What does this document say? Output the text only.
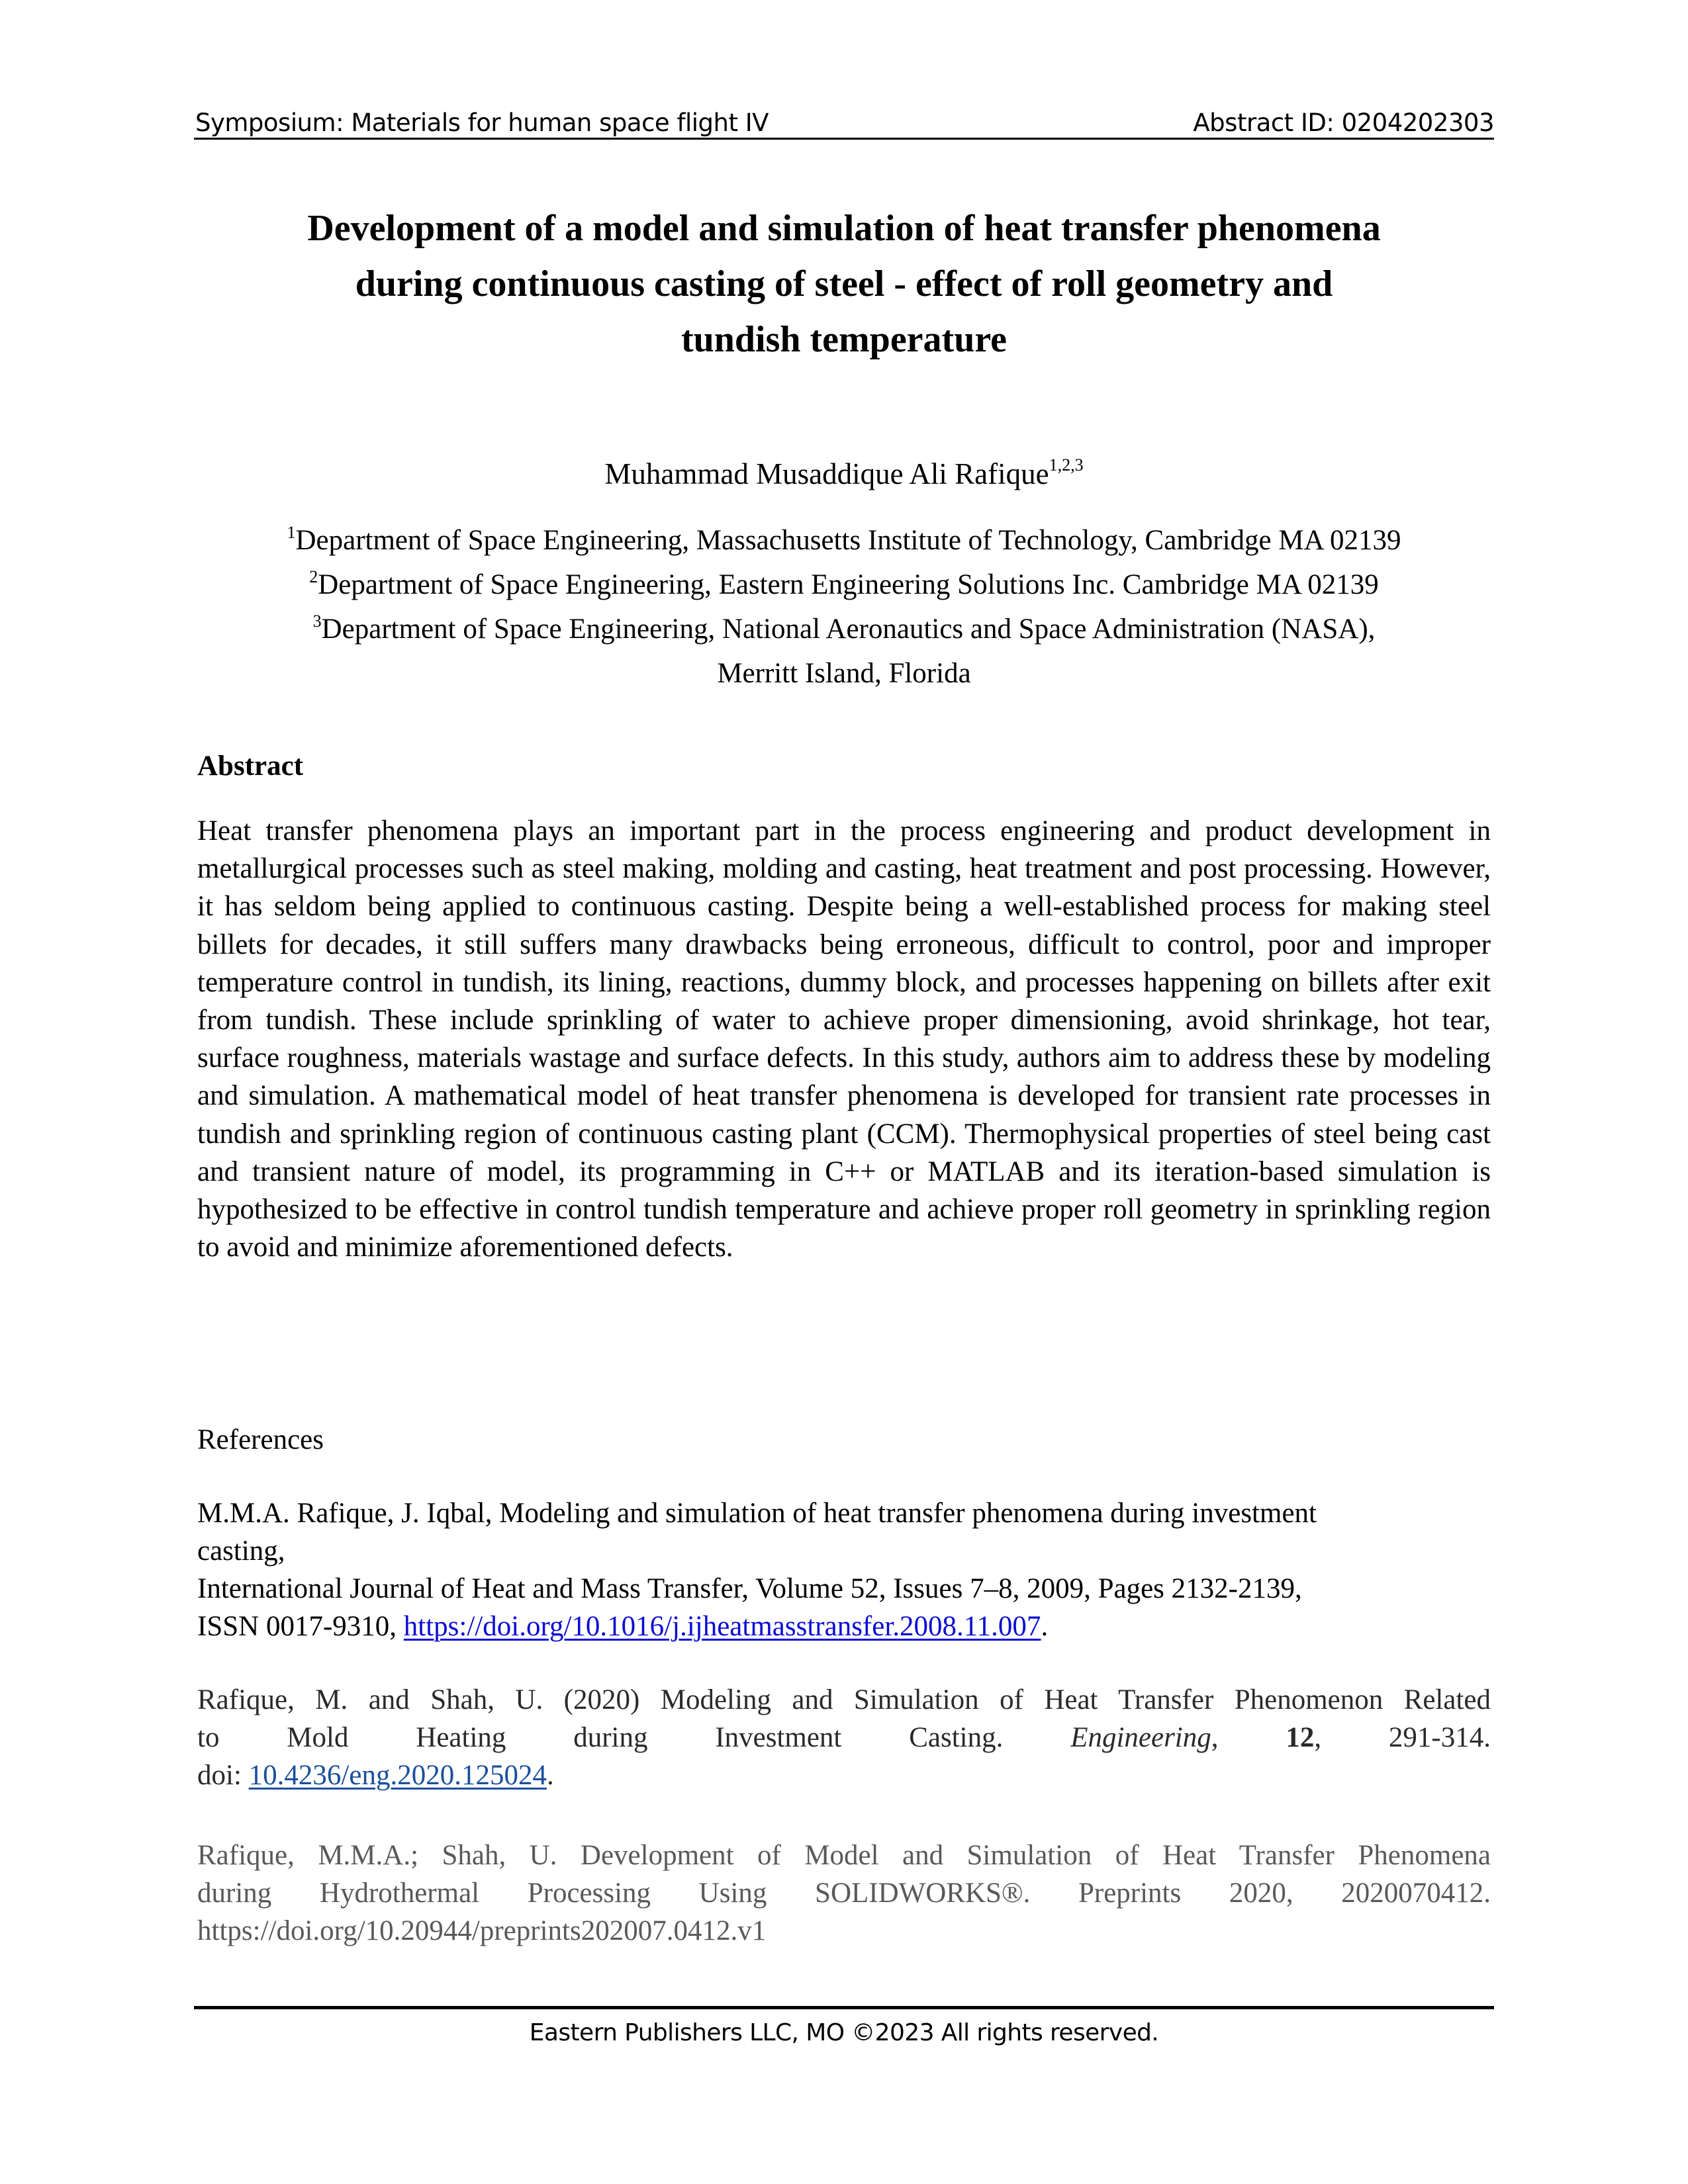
Symposium: Materials for human space flight IV	Abstract ID: 0204202303
Development of a model and simulation of heat transfer phenomena
during continuous casting of steel - effect of roll geometry and
tundish temperature
Muhammad Musaddique Ali Rafique$^{1,2,3}$
$^1$Department of Space Engineering, Massachusetts Institute of Technology, Cambridge MA 02139
$^2$Department of Space Engineering, Eastern Engineering Solutions Inc. Cambridge MA 02139
$^3$Department of Space Engineering, National Aeronautics and Space Administration (NASA),
Merritt Island, Florida
Abstract

Heat transfer phenomena plays an important part in the process engineering and product development in metallurgical processes such as steel making, molding and casting, heat treatment and post processing. However, it has seldom being applied to continuous casting. Despite being a well-established process for making steel billets for decades, it still suffers many drawbacks being erroneous, difficult to control, poor and improper temperature control in tundish, its lining, reactions, dummy block, and processes happening on billets after exit from tundish. These include sprinkling of water to achieve proper dimensioning, avoid shrinkage, hot tear, surface roughness, materials wastage and surface defects. In this study, authors aim to address these by modeling and simulation. A mathematical model of heat transfer phenomena is developed for transient rate processes in tundish and sprinkling region of continuous casting plant (CCM). Thermophysical properties of steel being cast and transient nature of model, its programming in C++ or MATLAB and its iteration-based simulation is hypothesized to be effective in control tundish temperature and achieve proper roll geometry in sprinkling region to avoid and minimize aforementioned defects.

References
M.M.A. Rafique, J. Iqbal, Modeling and simulation of heat transfer phenomena during investment
casting,
International Journal of Heat and Mass Transfer, Volume 52, Issues 7–8, 2009, Pages 2132-2139,
ISSN 0017-9310, https://doi.org/10.1016/j.ijheatmasstransfer.2008.11.007.
Rafique, M. and Shah, U. (2020) Modeling and Simulation of Heat Transfer Phenomenon Related
to Mold Heating during Investment Casting. Engineering, 12, 291-314.
doi: 10.4236/eng.2020.125024.
Rafique, M.M.A.; Shah, U. Development of Model and Simulation of Heat Transfer Phenomena
during Hydrothermal Processing Using SOLIDWORKS®. Preprints 2020, 2020070412.
https://doi.org/10.20944/preprints202007.0412.v1
Eastern Publishers LLC, MO ©2023 All rights reserved.
